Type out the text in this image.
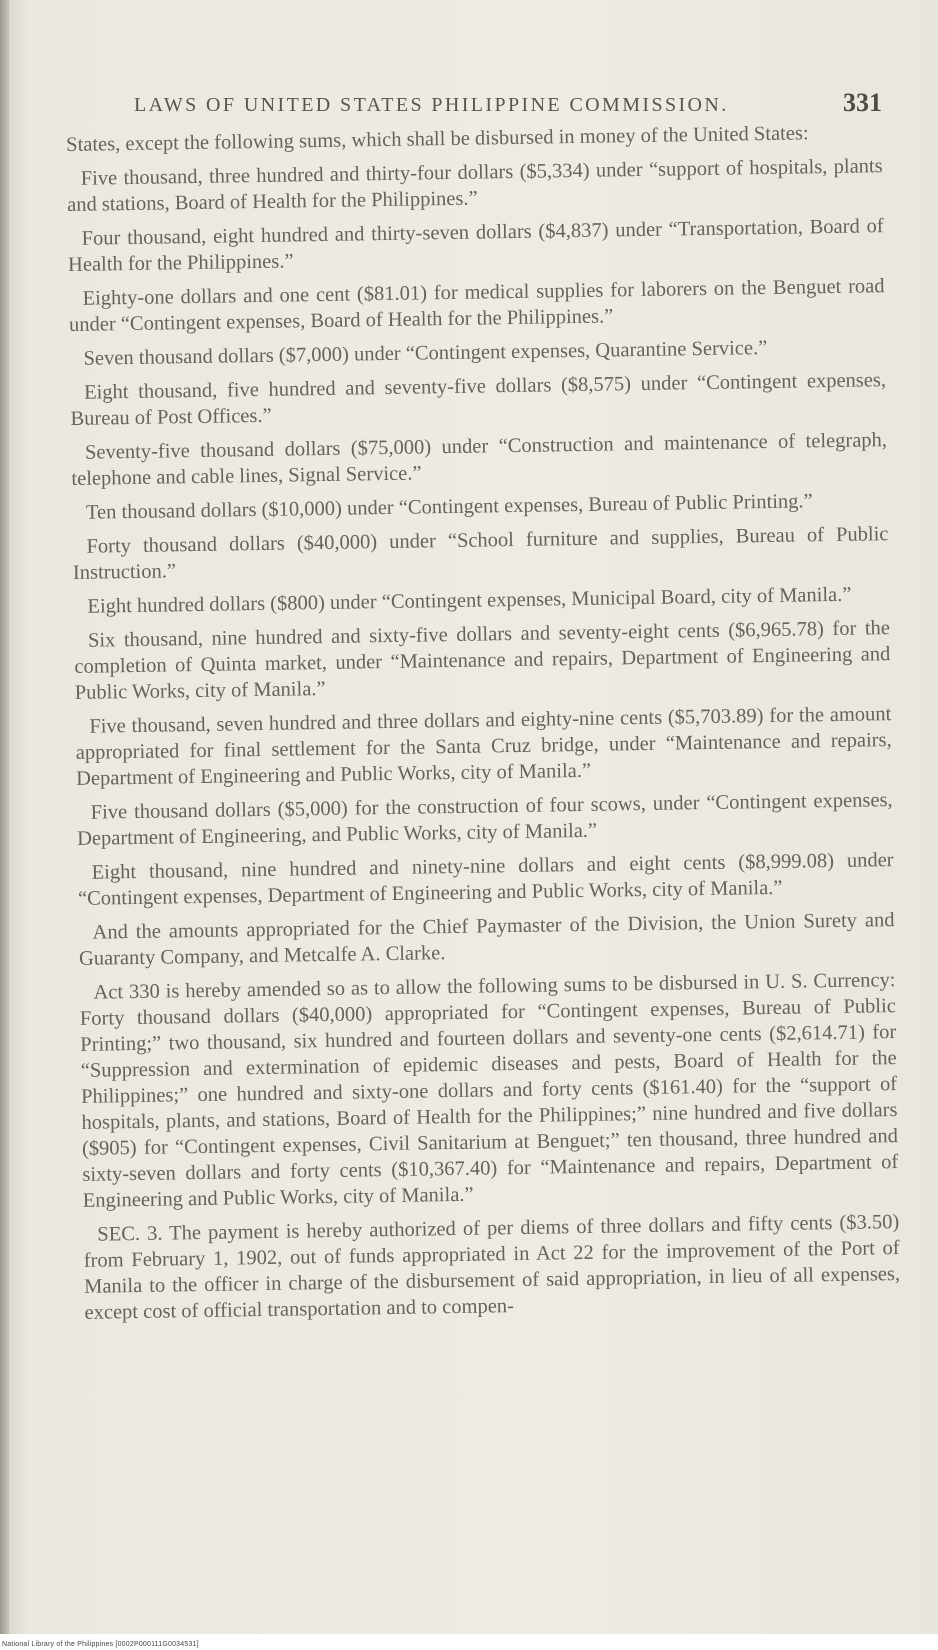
LAWS OF UNITED STATES PHILIPPINE COMMISSION.	331

States, except the following sums, which shall be disbursed in money of the United States:

Five thousand, three hundred and thirty-four dollars ($5,334) under “support of hospitals, plants and stations, Board of Health for the Philippines.”

Four thousand, eight hundred and thirty-seven dollars ($4,837) under “Transportation, Board of Health for the Philippines.”

Eighty-one dollars and one cent ($81.01) for medical supplies for laborers on the Benguet road under “Contingent expenses, Board of Health for the Philippines.”

Seven thousand dollars ($7,000) under “Contingent expenses, Quarantine Service.”

Eight thousand, five hundred and seventy-five dollars ($8,575) under “Contingent expenses, Bureau of Post Offices.”

Seventy-five thousand dollars ($75,000) under “Construction and maintenance of telegraph, telephone and cable lines, Signal Service.”

Ten thousand dollars ($10,000) under “Contingent expenses, Bureau of Public Printing.”

Forty thousand dollars ($40,000) under “School furniture and supplies, Bureau of Public Instruction.”

Eight hundred dollars ($800) under “Contingent expenses, Municipal Board, city of Manila.”

Six thousand, nine hundred and sixty-five dollars and seventy-eight cents ($6,965.78) for the completion of Quinta market, under “Maintenance and repairs, Department of Engineering and Public Works, city of Manila.”

Five thousand, seven hundred and three dollars and eighty-nine cents ($5,703.89) for the amount appropriated for final settlement for the Santa Cruz bridge, under “Maintenance and repairs, Department of Engineering and Public Works, city of Manila.”

Five thousand dollars ($5,000) for the construction of four scows, under “Contingent expenses, Department of Engineering, and Public Works, city of Manila.”

Eight thousand, nine hundred and ninety-nine dollars and eight cents ($8,999.08) under “Contingent expenses, Department of Engineering and Public Works, city of Manila.”

And the amounts appropriated for the Chief Paymaster of the Division, the Union Surety and Guaranty Company, and Metcalfe A. Clarke.

Act 330 is hereby amended so as to allow the following sums to be disbursed in U. S. Currency: Forty thousand dollars ($40,000) appropriated for “Contingent expenses, Bureau of Public Printing;” two thousand, six hundred and fourteen dollars and seventy-one cents ($2,614.71) for “Suppression and extermination of epidemic diseases and pests, Board of Health for the Philippines;” one hundred and sixty-one dollars and forty cents ($161.40) for the “support of hospitals, plants, and stations, Board of Health for the Philippines;” nine hundred and five dollars ($905) for “Contingent expenses, Civil Sanitarium at Benguet;” ten thousand, three hundred and sixty-seven dollars and forty cents ($10,367.40) for “Maintenance and repairs, Department of Engineering and Public Works, city of Manila.”

SEC. 3. The payment is hereby authorized of per diems of three dollars and fifty cents ($3.50) from February 1, 1902, out of funds appropriated in Act 22 for the improvement of the Port of Manila to the officer in charge of the disbursement of said appropriation, in lieu of all expenses, except cost of official transportation and to compen-

National Library of the Philippines [0002P000111G0034531]
